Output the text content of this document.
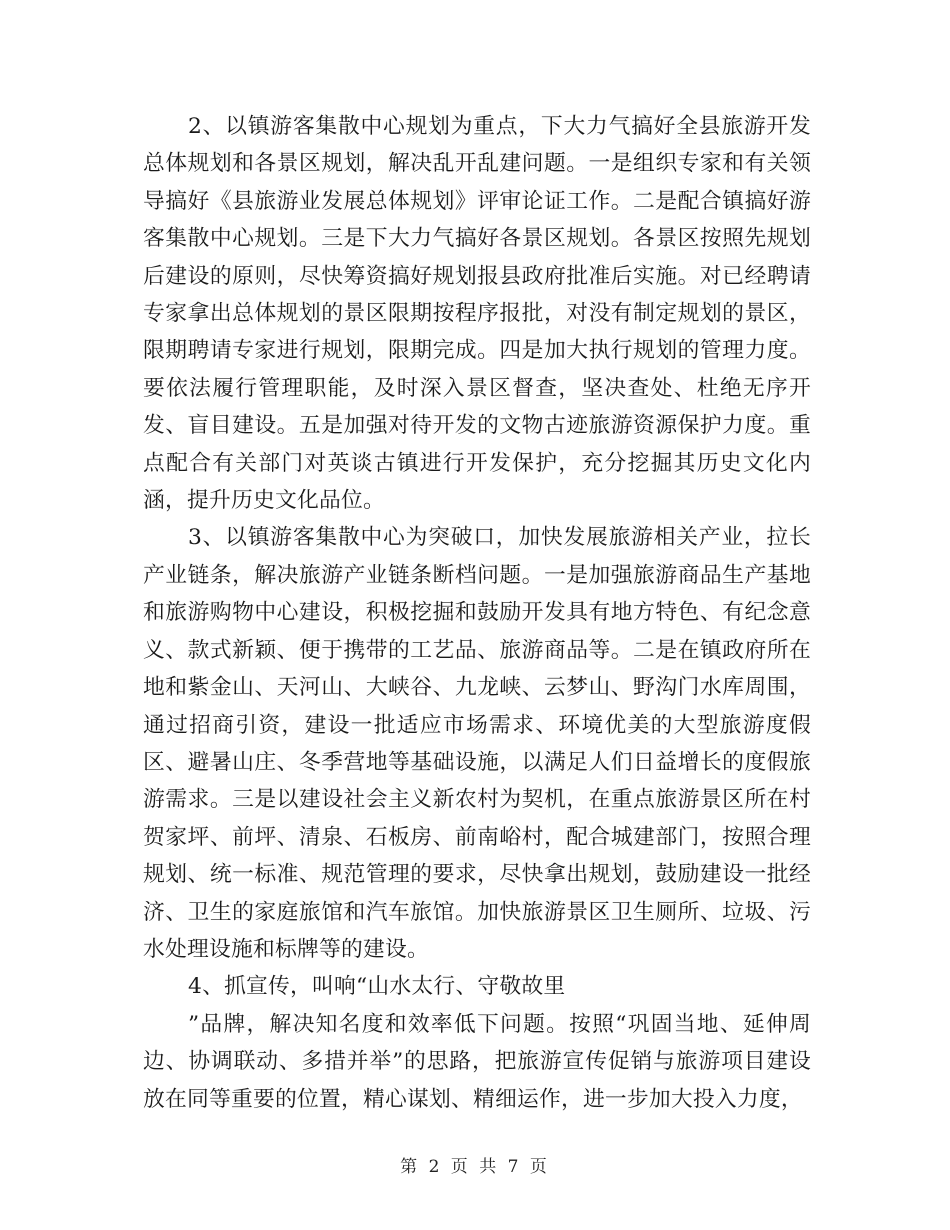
2、以镇游客集散中心规划为重点，下大力气搞好全县旅游开发总体规划和各景区规划，解决乱开乱建问题。一是组织专家和有关领导搞好《县旅游业发展总体规划》评审论证工作。二是配合镇搞好游客集散中心规划。三是下大力气搞好各景区规划。各景区按照先规划后建设的原则，尽快筹资搞好规划报县政府批准后实施。对已经聘请专家拿出总体规划的景区限期按程序报批，对没有制定规划的景区，限期聘请专家进行规划，限期完成。四是加大执行规划的管理力度。要依法履行管理职能，及时深入景区督查，坚决查处、杜绝无序开发、盲目建设。五是加强对待开发的文物古迹旅游资源保护力度。重点配合有关部门对英谈古镇进行开发保护，充分挖掘其历史文化内涵，提升历史文化品位。

3、以镇游客集散中心为突破口，加快发展旅游相关产业，拉长产业链条，解决旅游产业链条断档问题。一是加强旅游商品生产基地和旅游购物中心建设，积极挖掘和鼓励开发具有地方特色、有纪念意义、款式新颖、便于携带的工艺品、旅游商品等。二是在镇政府所在地和紫金山、天河山、大峡谷、九龙峡、云梦山、野沟门水库周围，通过招商引资，建设一批适应市场需求、环境优美的大型旅游度假区、避暑山庄、冬季营地等基础设施，以满足人们日益增长的度假旅游需求。三是以建设社会主义新农村为契机，在重点旅游景区所在村贺家坪、前坪、清泉、石板房、前南峪村，配合城建部门，按照合理规划、统一标准、规范管理的要求，尽快拿出规划，鼓励建设一批经济、卫生的家庭旅馆和汽车旅馆。加快旅游景区卫生厕所、垃圾、污水处理设施和标牌等的建设。

4、抓宣传，叫响“山水太行、守敬故里

”品牌，解决知名度和效率低下问题。按照“巩固当地、延伸周边、协调联动、多措并举”的思路，把旅游宣传促销与旅游项目建设放在同等重要的位置，精心谋划、精细运作，进一步加大投入力度，

第 2 页 共 7 页
